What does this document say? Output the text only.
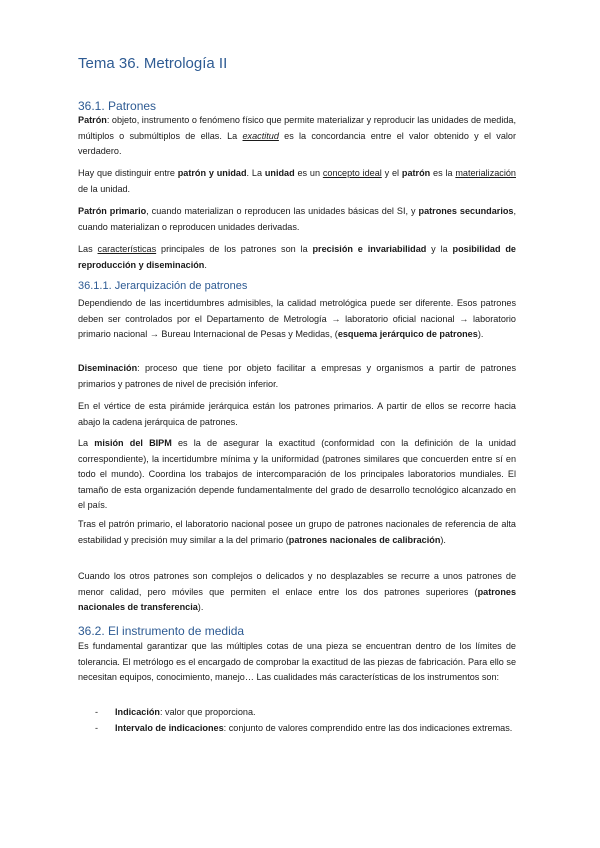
Tema 36. Metrología II
36.1. Patrones

Patrón: objeto, instrumento o fenómeno físico que permite materializar y reproducir las unidades de medida, múltiplos o submúltiplos de ellas. La exactitud es la concordancia entre el valor obtenido y el valor verdadero.

Hay que distinguir entre patrón y unidad. La unidad es un concepto ideal y el patrón es la materialización de la unidad.

Patrón primario, cuando materializan o reproducen las unidades básicas del SI, y patrones secundarios, cuando materializan o reproducen unidades derivadas.

Las características principales de los patrones son la precisión e invariabilidad y la posibilidad de reproducción y diseminación.

36.1.1. Jerarquización de patrones

Dependiendo de las incertidumbres admisibles, la calidad metrológica puede ser diferente. Esos patrones deben ser controlados por el Departamento de Metrología → laboratorio oficial nacional → laboratorio primario nacional → Bureau Internacional de Pesas y Medidas, (esquema jerárquico de patrones).

Diseminación: proceso que tiene por objeto facilitar a empresas y organismos a partir de patrones primarios y patrones de nivel de precisión inferior.

En el vértice de esta pirámide jerárquica están los patrones primarios. A partir de ellos se recorre hacia abajo la cadena jerárquica de patrones.

La misión del BIPM es la de asegurar la exactitud (conformidad con la definición de la unidad correspondiente), la incertidumbre mínima y la uniformidad (patrones similares que concuerden entre sí en todo el mundo). Coordina los trabajos de intercomparación de los principales laboratorios mundiales. El tamaño de esta organización depende fundamentalmente del grado de desarrollo tecnológico alcanzado en el país.

Tras el patrón primario, el laboratorio nacional posee un grupo de patrones nacionales de referencia de alta estabilidad y precisión muy similar a la del primario (patrones nacionales de calibración).

Cuando los otros patrones son complejos o delicados y no desplazables se recurre a unos patrones de menor calidad, pero móviles que permiten el enlace entre los dos patrones superiores (patrones nacionales de transferencia).

36.2. El instrumento de medida

Es fundamental garantizar que las múltiples cotas de una pieza se encuentran dentro de los límites de tolerancia. El metrólogo es el encargado de comprobar la exactitud de las piezas de fabricación. Para ello se necesitan equipos, conocimiento, manejo… Las cualidades más características de los instrumentos son:

- Indicación: valor que proporciona.
- Intervalo de indicaciones: conjunto de valores comprendido entre las dos indicaciones extremas.
